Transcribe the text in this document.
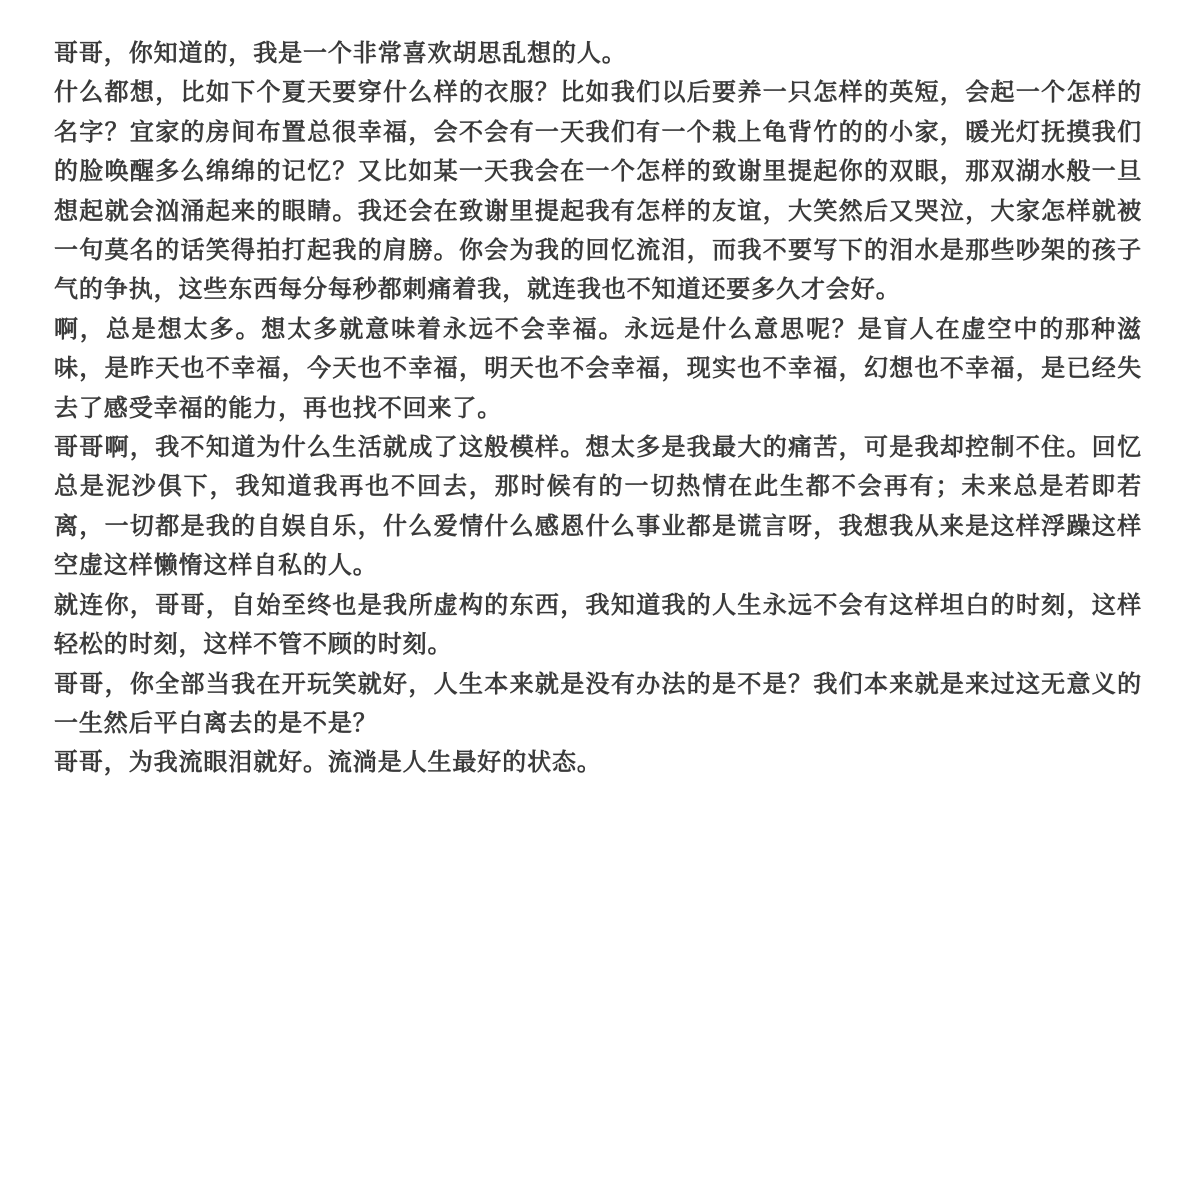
哥哥，你知道的，我是一个非常喜欢胡思乱想的人。

什么都想，比如下个夏天要穿什么样的衣服？比如我们以后要养一只怎样的英短，会起一个怎样的名字？宜家的房间布置总很幸福，会不会有一天我们有一个栽上龟背竹的的小家，暖光灯抚摸我们的脸唤醒多么绵绵的记忆？又比如某一天我会在一个怎样的致谢里提起你的双眼，那双湖水般一旦想起就会汹涌起来的眼睛。我还会在致谢里提起我有怎样的友谊，大笑然后又哭泣，大家怎样就被一句莫名的话笑得拍打起我的肩膀。你会为我的回忆流泪，而我不要写下的泪水是那些吵架的孩子气的争执，这些东西每分每秒都刺痛着我，就连我也不知道还要多久才会好。

啊，总是想太多。想太多就意味着永远不会幸福。永远是什么意思呢？是盲人在虚空中的那种滋味，是昨天也不幸福，今天也不幸福，明天也不会幸福，现实也不幸福，幻想也不幸福，是已经失去了感受幸福的能力，再也找不回来了。

哥哥啊，我不知道为什么生活就成了这般模样。想太多是我最大的痛苦，可是我却控制不住。回忆总是泥沙俱下，我知道我再也不回去，那时候有的一切热情在此生都不会再有；未来总是若即若离，一切都是我的自娱自乐，什么爱情什么感恩什么事业都是谎言呀，我想我从来是这样浮躁这样空虚这样懒惰这样自私的人。

就连你，哥哥，自始至终也是我所虚构的东西，我知道我的人生永远不会有这样坦白的时刻，这样轻松的时刻，这样不管不顾的时刻。

哥哥，你全部当我在开玩笑就好，人生本来就是没有办法的是不是？我们本来就是来过这无意义的一生然后平白离去的是不是？

哥哥，为我流眼泪就好。流淌是人生最好的状态。
